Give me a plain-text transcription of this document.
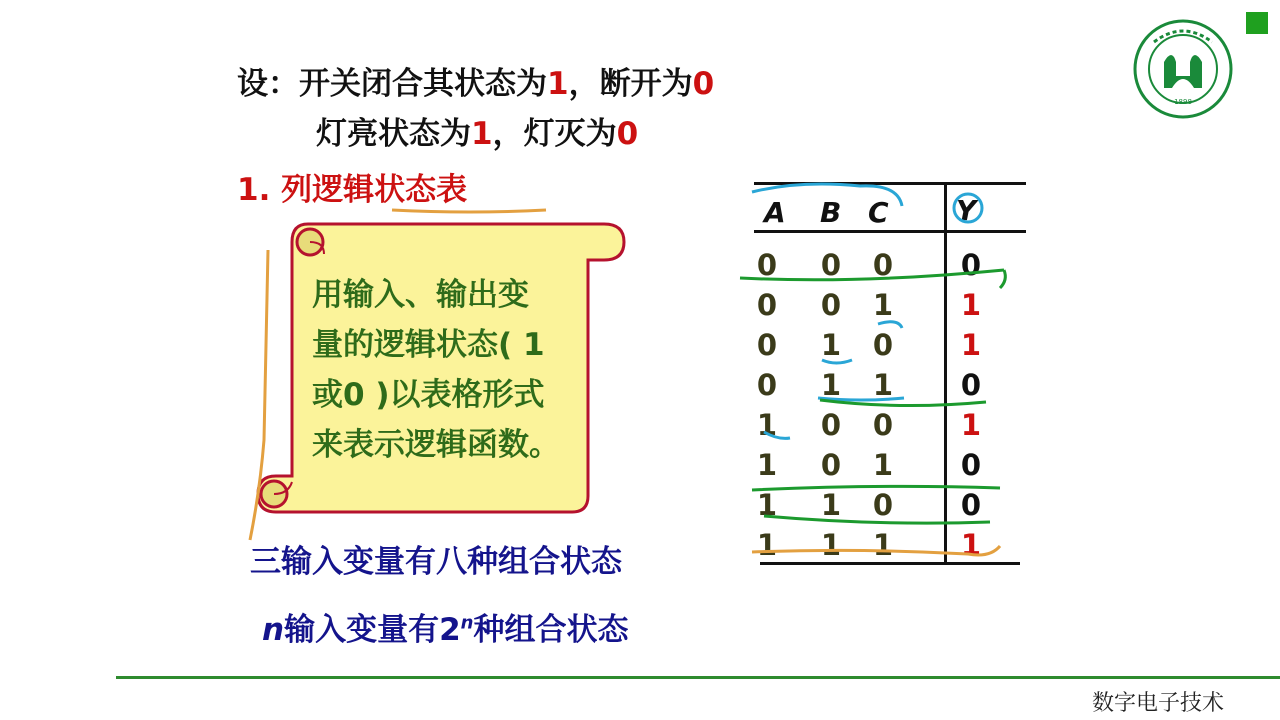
1898
设：开关闭合其状态为1，断开为0
灯亮状态为1，灯灭为0
1. 列逻辑状态表
用输入、输出变
量的逻辑状态( 1
或0 )以表格形式
来表示逻辑函数。
三输入变量有八种组合状态
n输入变量有2$^n$种组合状态
A B C Y
0 0 0 0
0 0 1 1
0 1 0 1
0 1 1 0
1 0 0 1
1 0 1 0
1 1 0 0
1 1 1 1
数字电子技术
